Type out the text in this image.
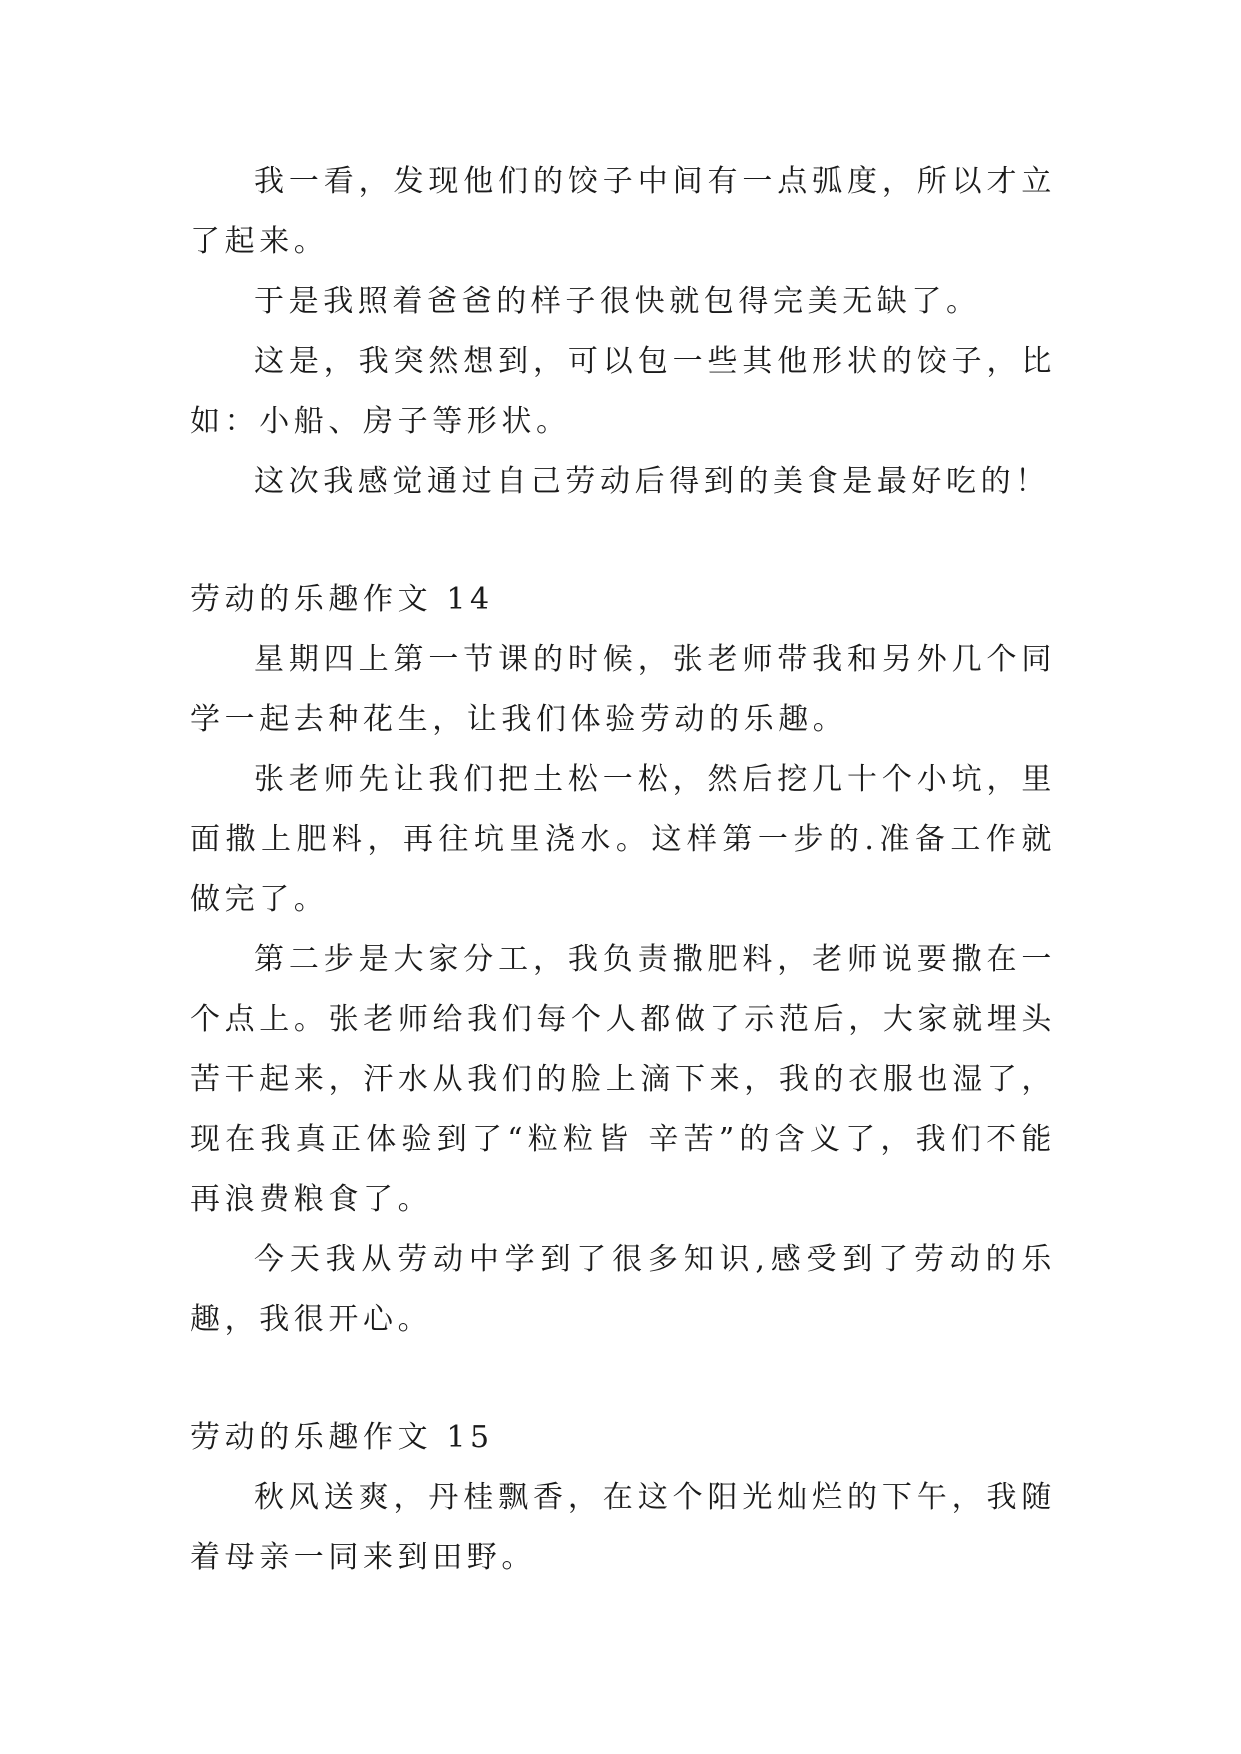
我一看，发现他们的饺子中间有一点弧度，所以才立了起来。

于是我照着爸爸的样子很快就包得完美无缺了。

这是，我突然想到，可以包一些其他形状的饺子，比如：小船、房子等形状。

这次我感觉通过自己劳动后得到的美食是最好吃的！

劳动的乐趣作文 14

星期四上第一节课的时候，张老师带我和另外几个同学一起去种花生，让我们体验劳动的乐趣。

张老师先让我们把土松一松，然后挖几十个小坑，里面撒上肥料，再往坑里浇水。这样第一步的.准备工作就做完了。

第二步是大家分工，我负责撒肥料，老师说要撒在一个点上。张老师给我们每个人都做了示范后，大家就埋头苦干起来，汗水从我们的脸上滴下来，我的衣服也湿了，现在我真正体验到了“粒粒皆 辛苦”的含义了，我们不能再浪费粮食了。

今天我从劳动中学到了很多知识,感受到了劳动的乐趣，我很开心。

劳动的乐趣作文 15

秋风送爽，丹桂飘香，在这个阳光灿烂的下午，我随着母亲一同来到田野。
